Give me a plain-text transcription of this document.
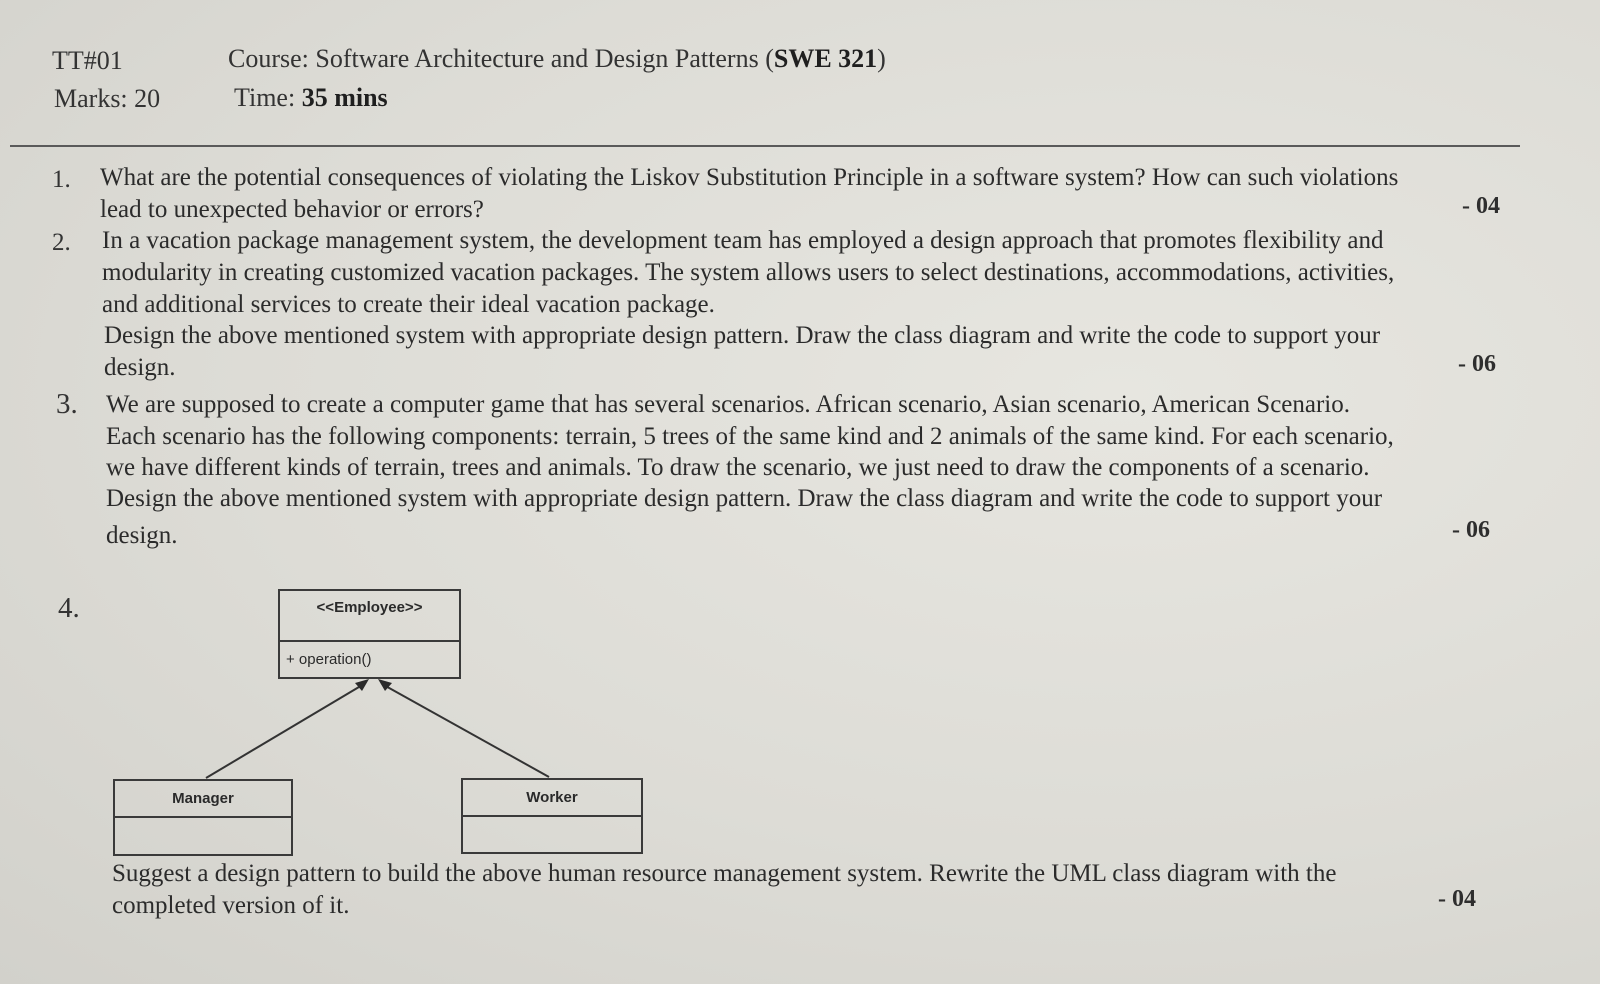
TT#01	Course: Software Architecture and Design Patterns (SWE 321)
Marks: 20	Time: 35 mins
1. What are the potential consequences of violating the Liskov Substitution Principle in a software system? How can such violations
lead to unexpected behavior or errors?	- 04
2. In a vacation package management system, the development team has employed a design approach that promotes flexibility and
modularity in creating customized vacation packages. The system allows users to select destinations, accommodations, activities,
and additional services to create their ideal vacation package.
Design the above mentioned system with appropriate design pattern. Draw the class diagram and write the code to support your
design.	- 06
3. We are supposed to create a computer game that has several scenarios. African scenario, Asian scenario, American Scenario.
Each scenario has the following components: terrain, 5 trees of the same kind and 2 animals of the same kind. For each scenario,
we have different kinds of terrain, trees and animals. To draw the scenario, we just need to draw the components of a scenario.
Design the above mentioned system with appropriate design pattern. Draw the class diagram and write the code to support your
design.	- 06
4.	<<Employee>>
+ operation()
Manager	Worker
Suggest a design pattern to build the above human resource management system. Rewrite the UML class diagram with the
completed version of it.	- 04
